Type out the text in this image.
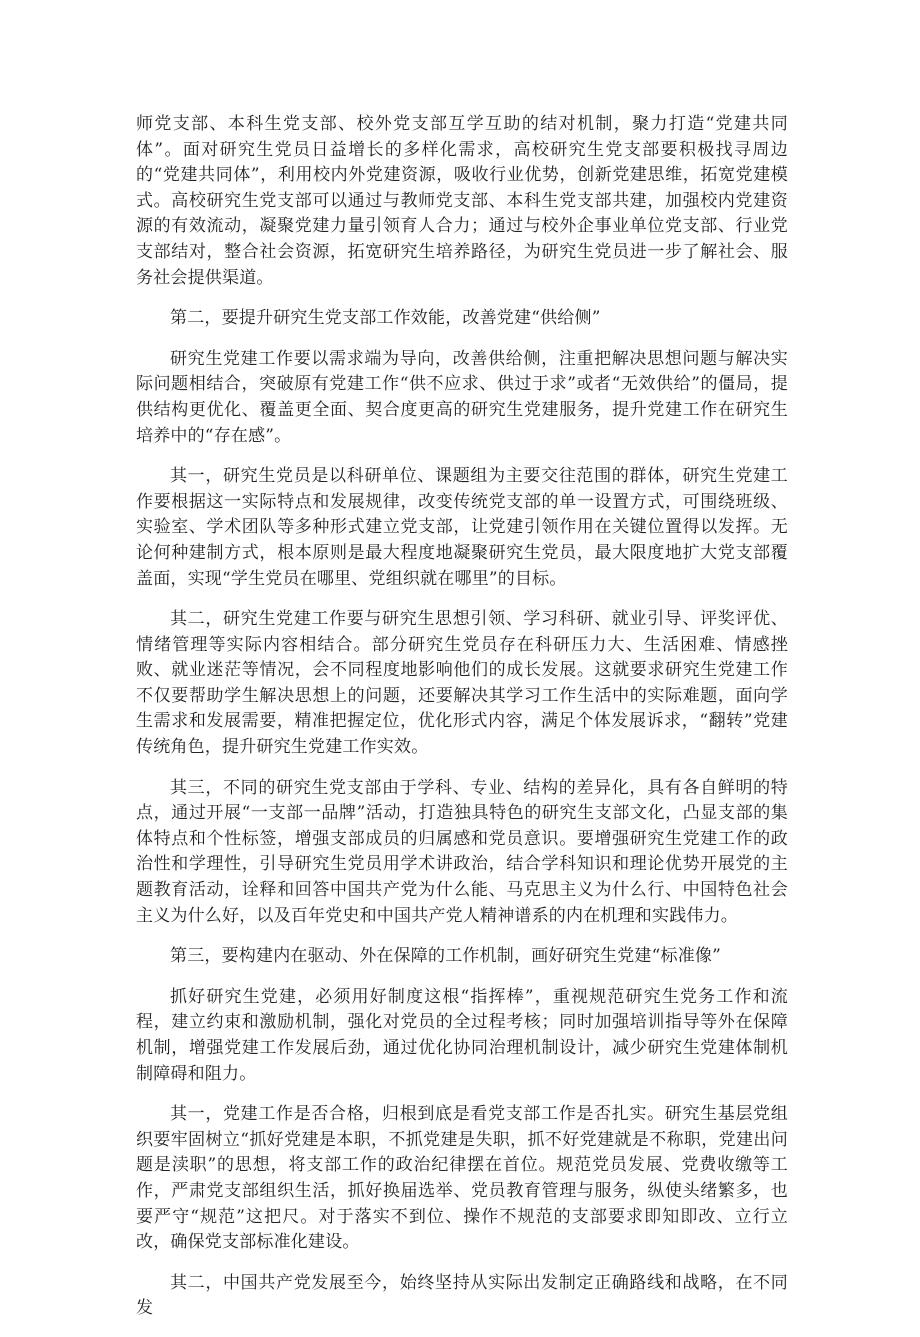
师党支部、本科生党支部、校外党支部互学互助的结对机制，聚力打造“党建共同体”。面对研究生党员日益增长的多样化需求，高校研究生党支部要积极找寻周边的“党建共同体”，利用校内外党建资源，吸收行业优势，创新党建思维，拓宽党建模式。高校研究生党支部可以通过与教师党支部、本科生党支部共建，加强校内党建资源的有效流动，凝聚党建力量引领育人合力；通过与校外企事业单位党支部、行业党支部结对，整合社会资源，拓宽研究生培养路径，为研究生党员进一步了解社会、服务社会提供渠道。

第二，要提升研究生党支部工作效能，改善党建“供给侧”

研究生党建工作要以需求端为导向，改善供给侧，注重把解决思想问题与解决实际问题相结合，突破原有党建工作“供不应求、供过于求”或者“无效供给”的僵局，提供结构更优化、覆盖更全面、契合度更高的研究生党建服务，提升党建工作在研究生培养中的“存在感”。

其一，研究生党员是以科研单位、课题组为主要交往范围的群体，研究生党建工作要根据这一实际特点和发展规律，改变传统党支部的单一设置方式，可围绕班级、实验室、学术团队等多种形式建立党支部，让党建引领作用在关键位置得以发挥。无论何种建制方式，根本原则是最大程度地凝聚研究生党员，最大限度地扩大党支部覆盖面，实现“学生党员在哪里、党组织就在哪里”的目标。

其二，研究生党建工作要与研究生思想引领、学习科研、就业引导、评奖评优、情绪管理等实际内容相结合。部分研究生党员存在科研压力大、生活困难、情感挫败、就业迷茫等情况，会不同程度地影响他们的成长发展。这就要求研究生党建工作不仅要帮助学生解决思想上的问题，还要解决其学习工作生活中的实际难题，面向学生需求和发展需要，精准把握定位，优化形式内容，满足个体发展诉求，“翻转”党建传统角色，提升研究生党建工作实效。

其三，不同的研究生党支部由于学科、专业、结构的差异化，具有各自鲜明的特点，通过开展“一支部一品牌”活动，打造独具特色的研究生支部文化，凸显支部的集体特点和个性标签，增强支部成员的归属感和党员意识。要增强研究生党建工作的政治性和学理性，引导研究生党员用学术讲政治，结合学科知识和理论优势开展党的主题教育活动，诠释和回答中国共产党为什么能、马克思主义为什么行、中国特色社会主义为什么好，以及百年党史和中国共产党人精神谱系的内在机理和实践伟力。

第三，要构建内在驱动、外在保障的工作机制，画好研究生党建“标准像”

抓好研究生党建，必须用好制度这根“指挥棒”，重视规范研究生党务工作和流程，建立约束和激励机制，强化对党员的全过程考核；同时加强培训指导等外在保障机制，增强党建工作发展后劲，通过优化协同治理机制设计，减少研究生党建体制机制障碍和阻力。

其一，党建工作是否合格，归根到底是看党支部工作是否扎实。研究生基层党组织要牢固树立“抓好党建是本职，不抓党建是失职，抓不好党建就是不称职，党建出问题是渎职”的思想，将支部工作的政治纪律摆在首位。规范党员发展、党费收缴等工作，严肃党支部组织生活，抓好换届选举、党员教育管理与服务，纵使头绪繁多，也要严守“规范”这把尺。对于落实不到位、操作不规范的支部要求即知即改、立行立改，确保党支部标准化建设。

其二，中国共产党发展至今，始终坚持从实际出发制定正确路线和战略，在不同发
